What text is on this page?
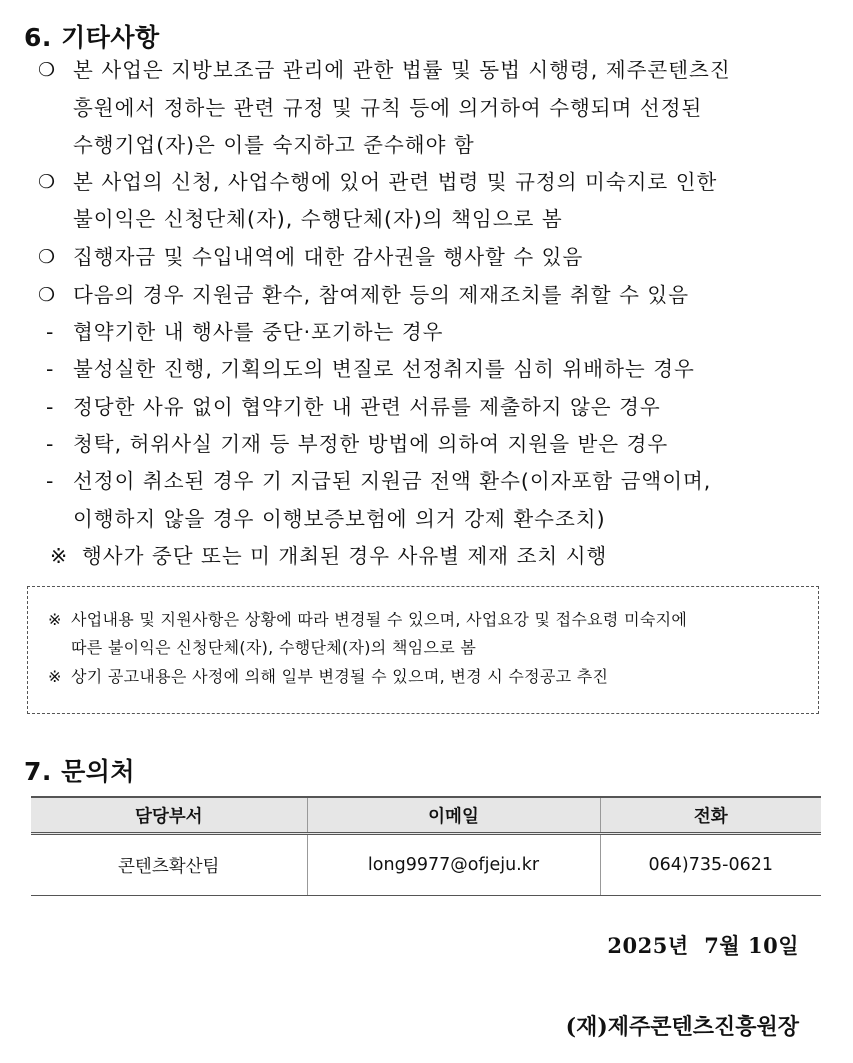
6. 기타사항
❍ 본 사업은 지방보조금 관리에 관한 법률 및 동법 시행령, 제주콘텐츠진
흥원에서 정하는 관련 규정 및 규칙 등에 의거하여 수행되며 선정된
수행기업(자)은 이를 숙지하고 준수해야 함
❍ 본 사업의 신청, 사업수행에 있어 관련 법령 및 규정의 미숙지로 인한
불이익은 신청단체(자), 수행단체(자)의 책임으로 봄
❍ 집행자금 및 수입내역에 대한 감사권을 행사할 수 있음
❍ 다음의 경우 지원금 환수, 참여제한 등의 제재조치를 취할 수 있음
- 협약기한 내 행사를 중단·포기하는 경우
- 불성실한 진행, 기획의도의 변질로 선정취지를 심히 위배하는 경우
- 정당한 사유 없이 협약기한 내 관련 서류를 제출하지 않은 경우
- 청탁, 허위사실 기재 등 부정한 방법에 의하여 지원을 받은 경우
- 선정이 취소된 경우 기 지급된 지원금 전액 환수(이자포함 금액이며,
이행하지 않을 경우 이행보증보험에 의거 강제 환수조치)
※ 행사가 중단 또는 미 개최된 경우 사유별 제재 조치 시행
※ 사업내용 및 지원사항은 상황에 따라 변경될 수 있으며, 사업요강 및 접수요령 미숙지에
따른 불이익은 신청단체(자), 수행단체(자)의 책임으로 봄
※ 상기 공고내용은 사정에 의해 일부 변경될 수 있으며, 변경 시 수정공고 추진
7. 문의처
담당부서	이메일	전화
콘텐츠확산팀	long9977@ofjeju.kr	064)735-0621
2025년  7월 10일
(재)제주콘텐츠진흥원장
